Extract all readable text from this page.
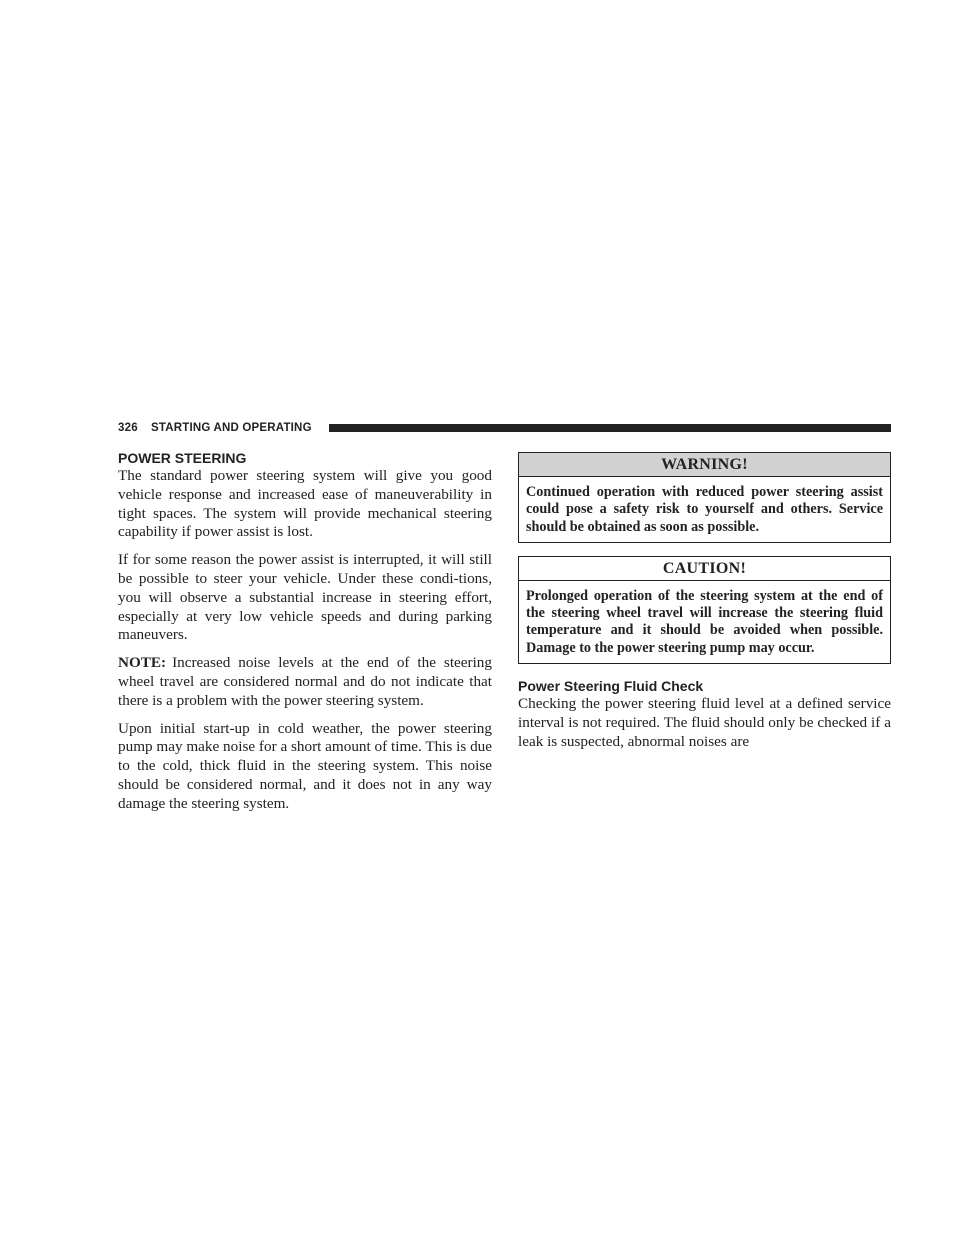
326 STARTING AND OPERATING
POWER STEERING

The standard power steering system will give you good vehicle response and increased ease of maneuverability in tight spaces. The system will provide mechanical steering capability if power assist is lost.

If for some reason the power assist is interrupted, it will still be possible to steer your vehicle. Under these condi-tions, you will observe a substantial increase in steering effort, especially at very low vehicle speeds and during parking maneuvers.

NOTE: Increased noise levels at the end of the steering wheel travel are considered normal and do not indicate that there is a problem with the power steering system.

Upon initial start-up in cold weather, the power steering pump may make noise for a short amount of time. This is due to the cold, thick fluid in the steering system. This noise should be considered normal, and it does not in any way damage the steering system.

WARNING!
Continued operation with reduced power steering assist could pose a safety risk to yourself and others. Service should be obtained as soon as possible.
CAUTION!
Prolonged operation of the steering system at the end of the steering wheel travel will increase the steering fluid temperature and it should be avoided when possible. Damage to the power steering pump may occur.
Power Steering Fluid Check

Checking the power steering fluid level at a defined service interval is not required. The fluid should only be checked if a leak is suspected, abnormal noises are
